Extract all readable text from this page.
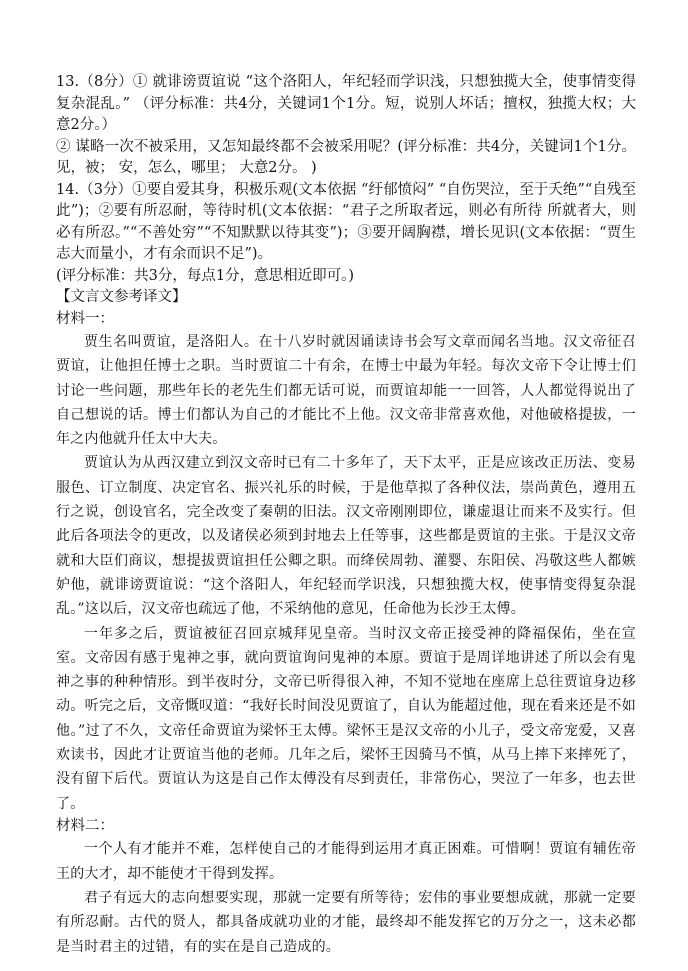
13.（8分）① 就诽谤贾谊说 “这个洛阳人，年纪轻而学识浅，只想独揽大全，使事情变得复杂混乱。” （评分标准：共4分，关键词1个1分。短，说别人坏话；擅权，独揽大权；大意2分。）

② 谋略一次不被采用，又怎知最终都不会被采用呢？(评分标准：共4分，关键词1个1分。见，被； 安，怎么，哪里； 大意2分。 )

14.（3分）①要自爱其身，积极乐观(文本依据 “纡郁愤闷” “自伤哭泣，至于夭绝”“自残至此”)；②要有所忍耐，等待时机(文本依据：“君子之所取者远，则必有所待 所就者大，则必有所忍。”“不善处穷”“不知默默以待其变”)；③要开阔胸襟，增长见识(文本依据：“贾生志大而量小，才有余而识不足”)。

(评分标准：共3分，每点1分，意思相近即可。)

【文言文参考译文】

材料一：

贾生名叫贾谊，是洛阳人。在十八岁时就因诵读诗书会写文章而闻名当地。汉文帝征召贾谊，让他担任博士之职。当时贾谊二十有余，在博士中最为年轻。每次文帝下令让博士们讨论一些问题，那些年长的老先生们都无话可说，而贾谊却能一一回答，人人都觉得说出了自己想说的话。博士们都认为自己的才能比不上他。汉文帝非常喜欢他，对他破格提拔，一年之内他就升任太中大夫。

贾谊认为从西汉建立到汉文帝时已有二十多年了，天下太平，正是应该改正历法、变易服色、订立制度、决定官名、振兴礼乐的时候，于是他草拟了各种仪法，崇尚黄色，遵用五行之说，创设官名，完全改变了秦朝的旧法。汉文帝刚刚即位，谦虚退让而来不及实行。但此后各项法令的更改，以及诸侯必须到封地去上任等事，这些都是贾谊的主张。于是汉文帝就和大臣们商议，想提拔贾谊担任公卿之职。而绛侯周勃、灌婴、东阳侯、冯敬这些人都嫉妒他，就诽谤贾谊说：“这个洛阳人，年纪轻而学识浅，只想独揽大权，使事情变得复杂混乱。”这以后，汉文帝也疏远了他，不采纳他的意见，任命他为长沙王太傅。

一年多之后，贾谊被征召回京城拜见皇帝。当时汉文帝正接受神的降福保佑，坐在宣室。文帝因有感于鬼神之事，就向贾谊询问鬼神的本原。贾谊于是周详地讲述了所以会有鬼神之事的种种情形。到半夜时分，文帝已听得很入神，不知不觉地在座席上总往贾谊身边移动。听完之后，文帝慨叹道：“我好长时间没见贾谊了，自认为能超过他，现在看来还是不如他。”过了不久，文帝任命贾谊为梁怀王太傅。梁怀王是汉文帝的小儿子，受文帝宠爱，又喜欢读书，因此才让贾谊当他的老师。几年之后，梁怀王因骑马不慎，从马上摔下来摔死了，没有留下后代。贾谊认为这是自己作太傅没有尽到责任，非常伤心，哭泣了一年多，也去世了。

材料二：

一个人有才能并不难，怎样使自己的才能得到运用才真正困难。可惜啊！贾谊有辅佐帝王的大才，却不能使才干得到发挥。

君子有远大的志向想要实现，那就一定要有所等待；宏伟的事业要想成就，那就一定要有所忍耐。古代的贤人，都具备成就功业的才能，最终却不能发挥它的万分之一，这未必都是当时君主的过错，有的实在是自己造成的。
